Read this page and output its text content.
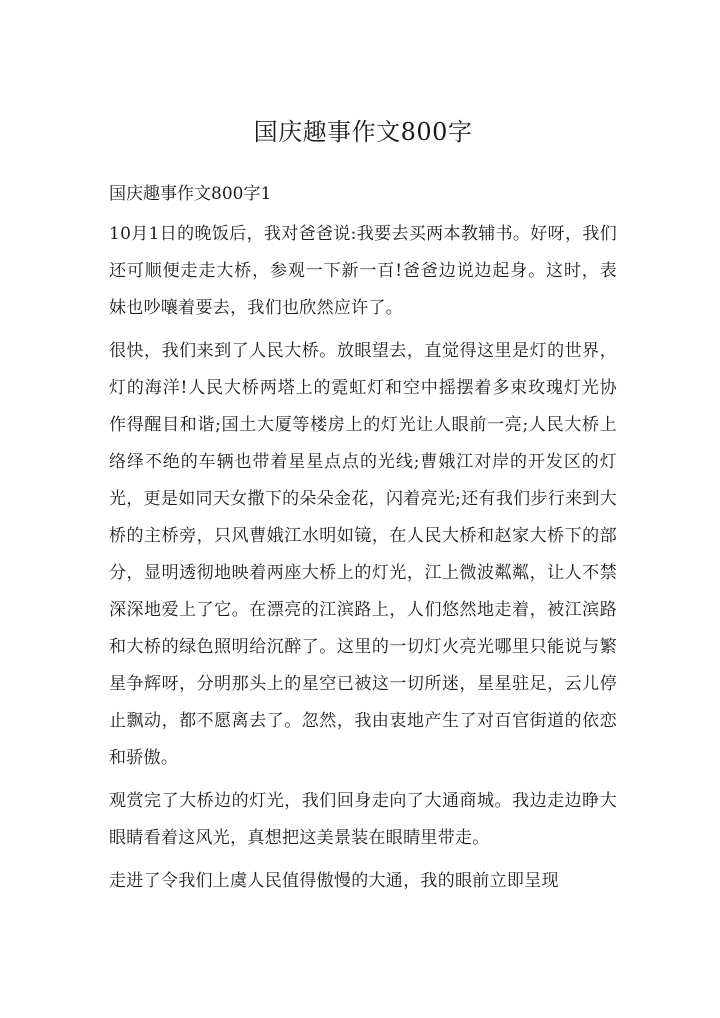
国庆趣事作文800字

国庆趣事作文800字1

10月1日的晚饭后，我对爸爸说:我要去买两本教辅书。好呀，我们还可顺便走走大桥，参观一下新一百!爸爸边说边起身。这时，表妹也吵嚷着要去，我们也欣然应许了。

很快，我们来到了人民大桥。放眼望去，直觉得这里是灯的世界，灯的海洋!人民大桥两塔上的霓虹灯和空中摇摆着多束玫瑰灯光协作得醒目和谐;国土大厦等楼房上的灯光让人眼前一亮;人民大桥上络绎不绝的车辆也带着星星点点的光线;曹娥江对岸的开发区的灯光，更是如同天女撒下的朵朵金花，闪着亮光;还有我们步行来到大桥的主桥旁，只风曹娥江水明如镜，在人民大桥和赵家大桥下的部分，显明透彻地映着两座大桥上的灯光，江上微波粼粼，让人不禁深深地爱上了它。在漂亮的江滨路上，人们悠然地走着，被江滨路和大桥的绿色照明给沉醉了。这里的一切灯火亮光哪里只能说与繁星争辉呀，分明那头上的星空已被这一切所迷，星星驻足，云儿停止飘动，都不愿离去了。忽然，我由衷地产生了对百官街道的依恋和骄傲。

观赏完了大桥边的灯光，我们回身走向了大通商城。我边走边睁大眼睛看着这风光，真想把这美景装在眼睛里带走。

走进了令我们上虞人民值得傲慢的大通，我的眼前立即呈现
